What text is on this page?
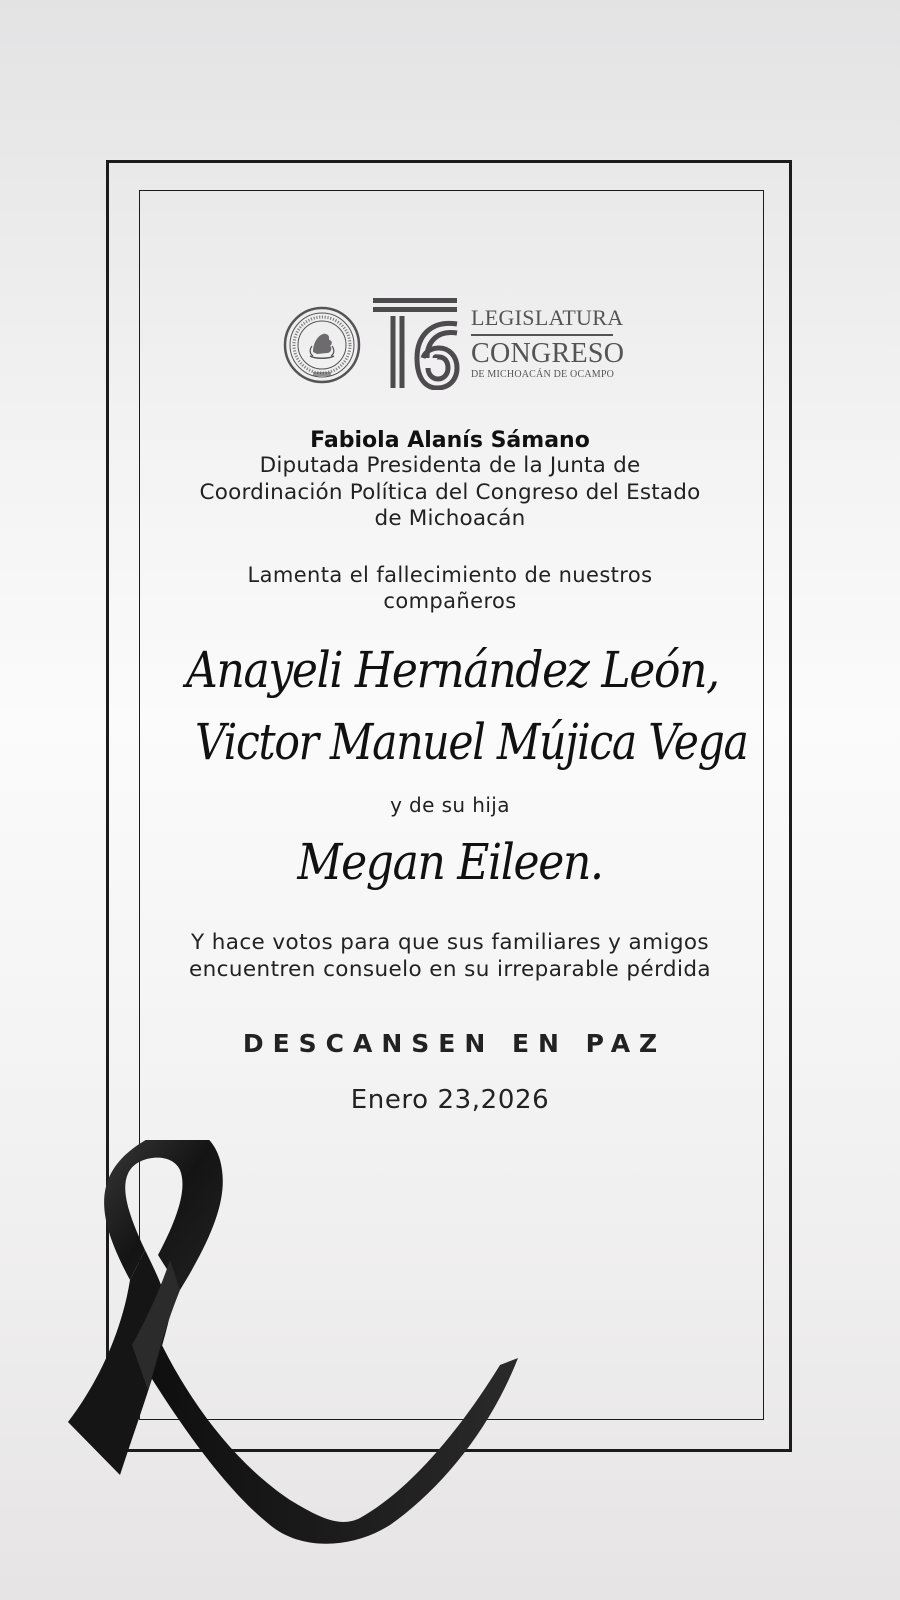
LEGISLATURA
CONGRESO
DE MICHOACÁN DE OCAMPO

Fabiola Alanís Sámano

Diputada Presidenta de la Junta de
Coordinación Política del Congreso del Estado
de Michoacán

Lamenta el fallecimiento de nuestros
compañeros

Anayeli Hernández León,

Victor Manuel Mújica Vega

y de su hija

Megan Eileen.

Y hace votos para que sus familiares y amigos
encuentren consuelo en su irreparable pérdida

DESCANSEN EN PAZ

Enero 23,2026
